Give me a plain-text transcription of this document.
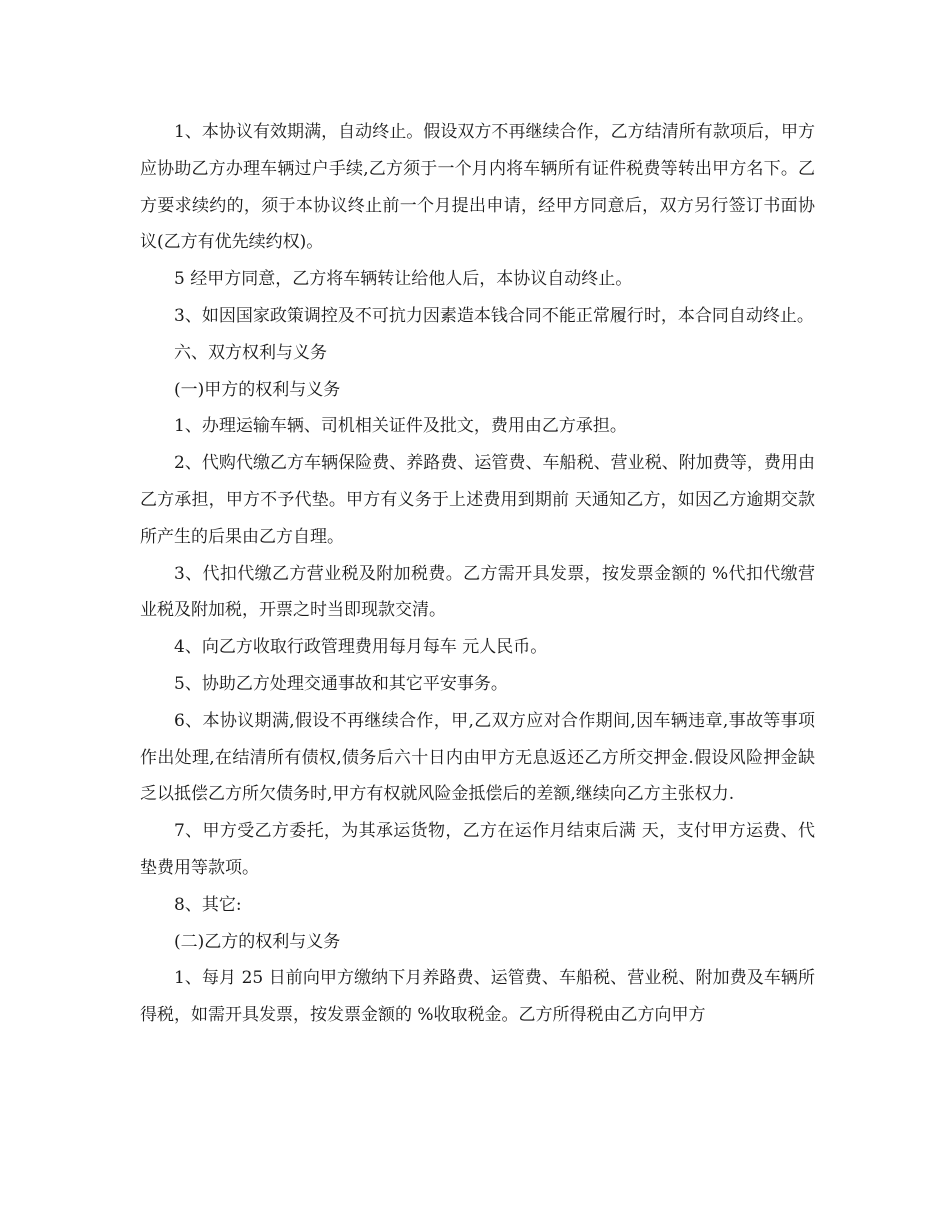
1、本协议有效期满，自动终止。假设双方不再继续合作，乙方结清所有款项后，甲方应协助乙方办理车辆过户手续,乙方须于一个月内将车辆所有证件税费等转出甲方名下。乙方要求续约的，须于本协议终止前一个月提出申请，经甲方同意后，双方另行签订书面协议(乙方有优先续约权)。

5 经甲方同意，乙方将车辆转让给他人后，本协议自动终止。

3、如因国家政策调控及不可抗力因素造本钱合同不能正常履行时，本合同自动终止。

六、双方权利与义务

(一)甲方的权利与义务

1、办理运输车辆、司机相关证件及批文，费用由乙方承担。

2、代购代缴乙方车辆保险费、养路费、运管费、车船税、营业税、附加费等，费用由乙方承担，甲方不予代垫。甲方有义务于上述费用到期前 天通知乙方，如因乙方逾期交款所产生的后果由乙方自理。

3、代扣代缴乙方营业税及附加税费。乙方需开具发票，按发票金额的 %代扣代缴营业税及附加税，开票之时当即现款交清。

4、向乙方收取行政管理费用每月每车 元人民币。

5、协助乙方处理交通事故和其它平安事务。

6、本协议期满,假设不再继续合作，甲,乙双方应对合作期间,因车辆违章,事故等事项作出处理,在结清所有债权,债务后六十日内由甲方无息返还乙方所交押金.假设风险押金缺乏以抵偿乙方所欠债务时,甲方有权就风险金抵偿后的差额,继续向乙方主张权力.

7、甲方受乙方委托，为其承运货物，乙方在运作月结束后满 天，支付甲方运费、代垫费用等款项。

8、其它:

(二)乙方的权利与义务

1、每月 25 日前向甲方缴纳下月养路费、运管费、车船税、营业税、附加费及车辆所得税，如需开具发票，按发票金额的 %收取税金。乙方所得税由乙方向甲方
